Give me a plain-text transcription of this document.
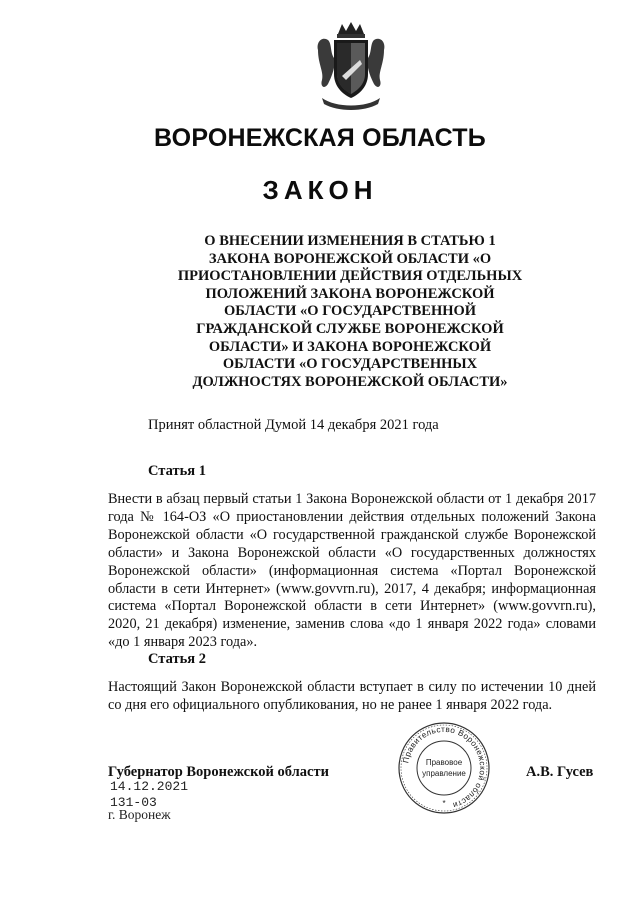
ВОРОНЕЖСКАЯ ОБЛАСТЬ
ЗАКОН
О ВНЕСЕНИИ ИЗМЕНЕНИЯ В СТАТЬЮ 1
ЗАКОНА ВОРОНЕЖСКОЙ ОБЛАСТИ «О
ПРИОСТАНОВЛЕНИИ ДЕЙСТВИЯ ОТДЕЛЬНЫХ
ПОЛОЖЕНИЙ ЗАКОНА ВОРОНЕЖСКОЙ
ОБЛАСТИ «О ГОСУДАРСТВЕННОЙ
ГРАЖДАНСКОЙ СЛУЖБЕ ВОРОНЕЖСКОЙ
ОБЛАСТИ» И ЗАКОНА ВОРОНЕЖСКОЙ
ОБЛАСТИ «О ГОСУДАРСТВЕННЫХ
ДОЛЖНОСТЯХ ВОРОНЕЖСКОЙ ОБЛАСТИ»
Принят областной Думой 14 декабря 2021 года
Статья 1
Внести в абзац первый статьи 1 Закона Воронежской области от 1 декабря 2017 года № 164-ОЗ «О приостановлении действия отдельных положений Закона Воронежской области «О государственной гражданской службе Воронежской области» и Закона Воронежской области «О государственных должностях Воронежской области» (информационная система «Портал Воронежской области в сети Интернет» (www.govvrn.ru), 2017, 4 декабря; информационная система «Портал Воронежской области в сети Интернет» (www.govvrn.ru), 2020, 21 декабря) изменение, заменив слова «до 1 января 2022 года» словами «до 1 января 2023 года».
Статья 2
Настоящий Закон Воронежской области вступает в силу по истечении 10 дней со дня его официального опубликования, но не ранее 1 января 2022 года.
Губернатор Воронежской области	А.В. Гусев
14.12.2021
131-03
г. Воронеж
Правительство Воронежской области
Правовое
управление
*
